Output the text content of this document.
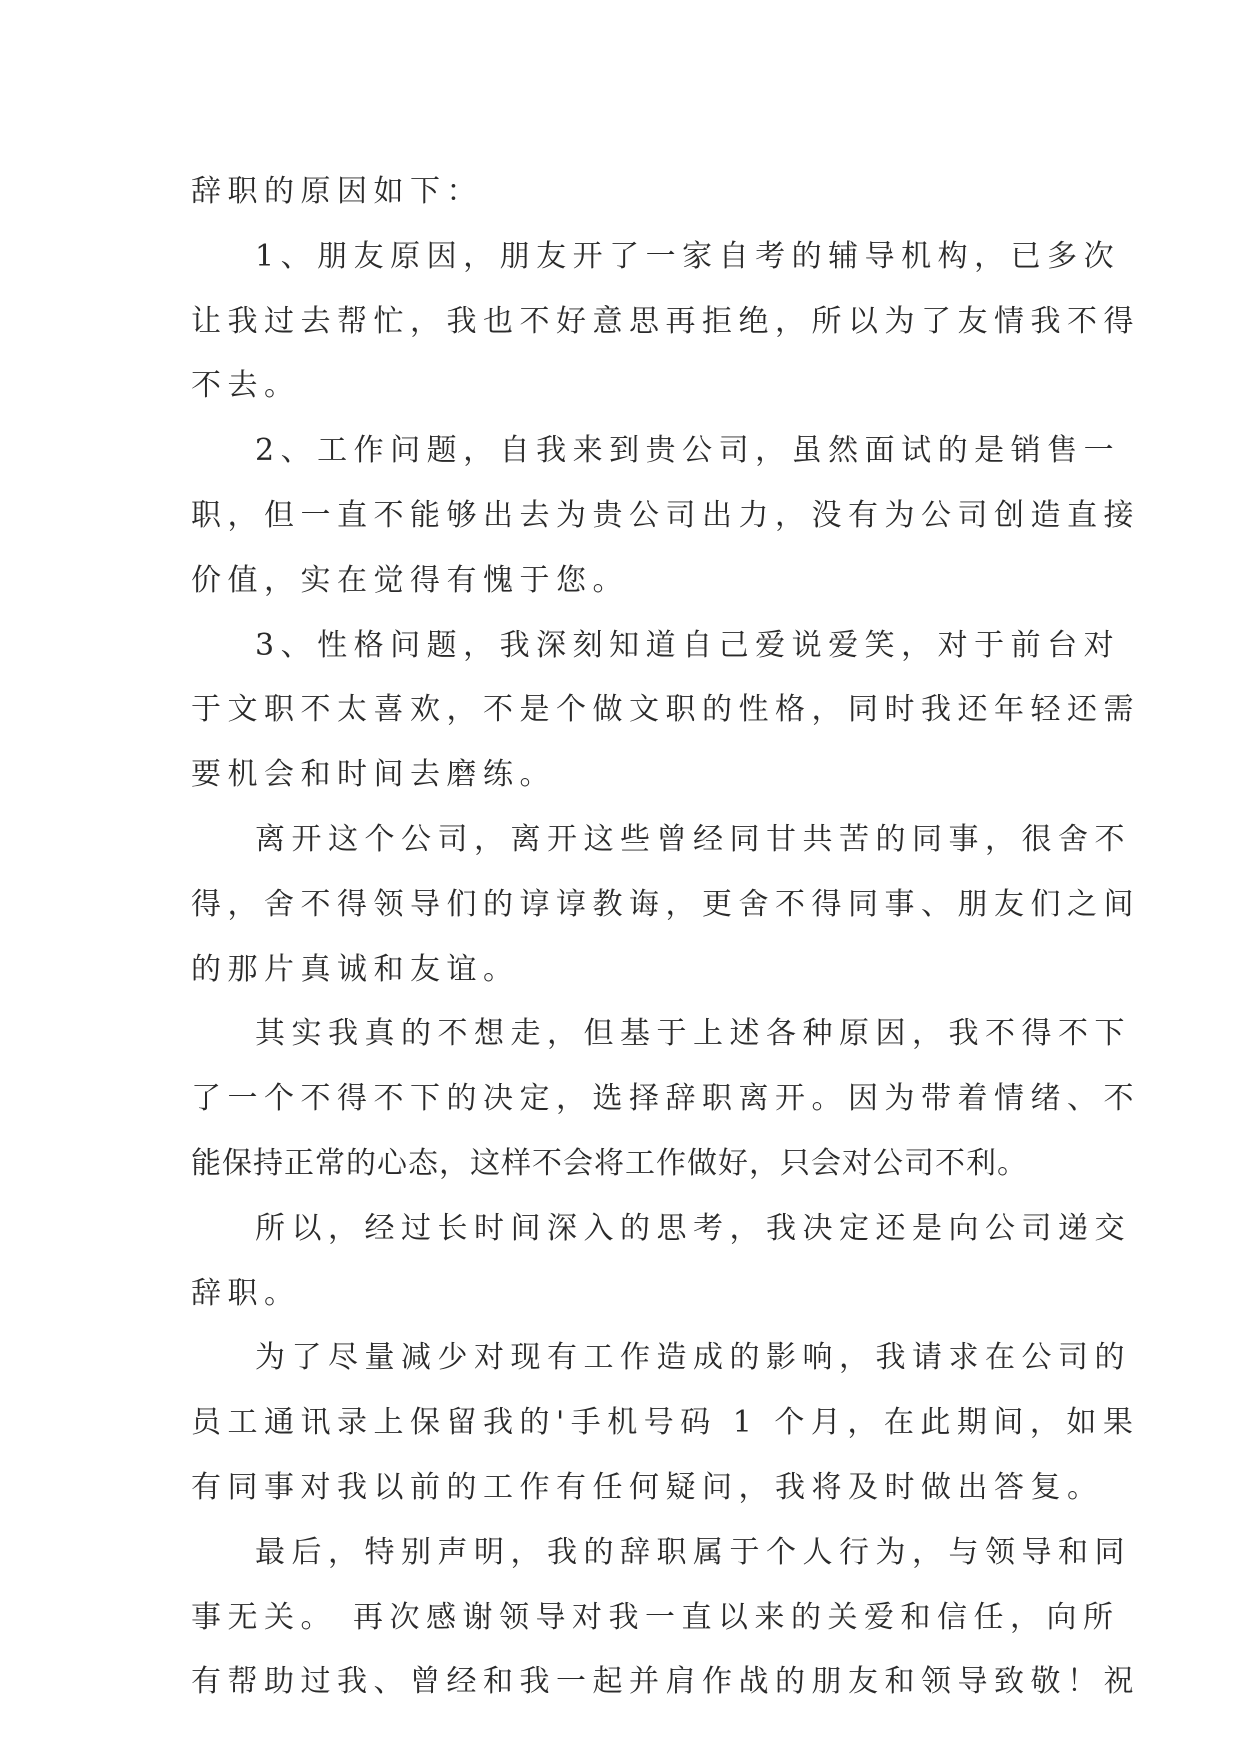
辞职的原因如下：
1、朋友原因，朋友开了一家自考的辅导机构，已多次
让我过去帮忙，我也不好意思再拒绝，所以为了友情我不得
不去。
2、工作问题，自我来到贵公司，虽然面试的是销售一
职，但一直不能够出去为贵公司出力，没有为公司创造直接
价值，实在觉得有愧于您。
3、性格问题，我深刻知道自己爱说爱笑，对于前台对
于文职不太喜欢，不是个做文职的性格，同时我还年轻还需
要机会和时间去磨练。
离开这个公司，离开这些曾经同甘共苦的同事，很舍不
得，舍不得领导们的谆谆教诲，更舍不得同事、朋友们之间
的那片真诚和友谊。
其实我真的不想走，但基于上述各种原因，我不得不下
了一个不得不下的决定，选择辞职离开。因为带着情绪、不
能保持正常的心态，这样不会将工作做好，只会对公司不利。
所以，经过长时间深入的思考，我决定还是向公司递交
辞职。
为了尽量减少对现有工作造成的影响，我请求在公司的
员工通讯录上保留我的'手机号码 1 个月，在此期间，如果
有同事对我以前的工作有任何疑问，我将及时做出答复。
最后，特别声明，我的辞职属于个人行为，与领导和同
事无关。 再次感谢领导对我一直以来的关爱和信任，向所
有帮助过我、曾经和我一起并肩作战的朋友和领导致敬！祝
